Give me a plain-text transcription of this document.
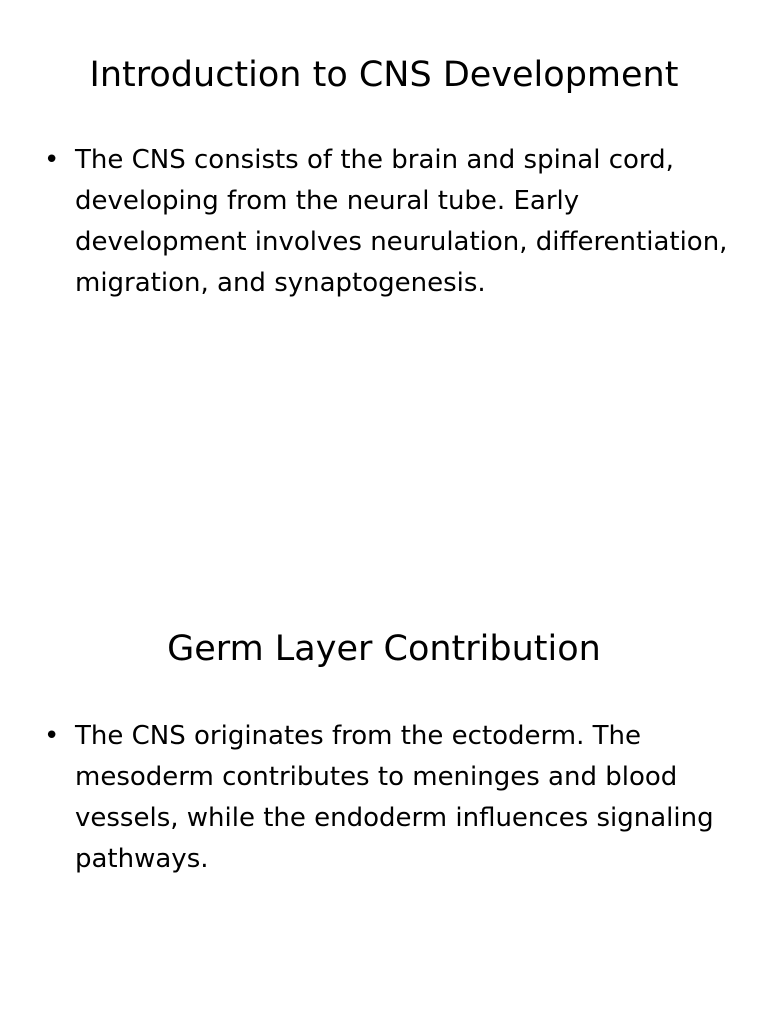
Introduction to CNS Development
• The CNS consists of the brain and spinal cord, developing from the neural tube. Early development involves neurulation, differentiation, migration, and synaptogenesis.
Germ Layer Contribution
• The CNS originates from the ectoderm. The mesoderm contributes to meninges and blood vessels, while the endoderm influences signaling pathways.
